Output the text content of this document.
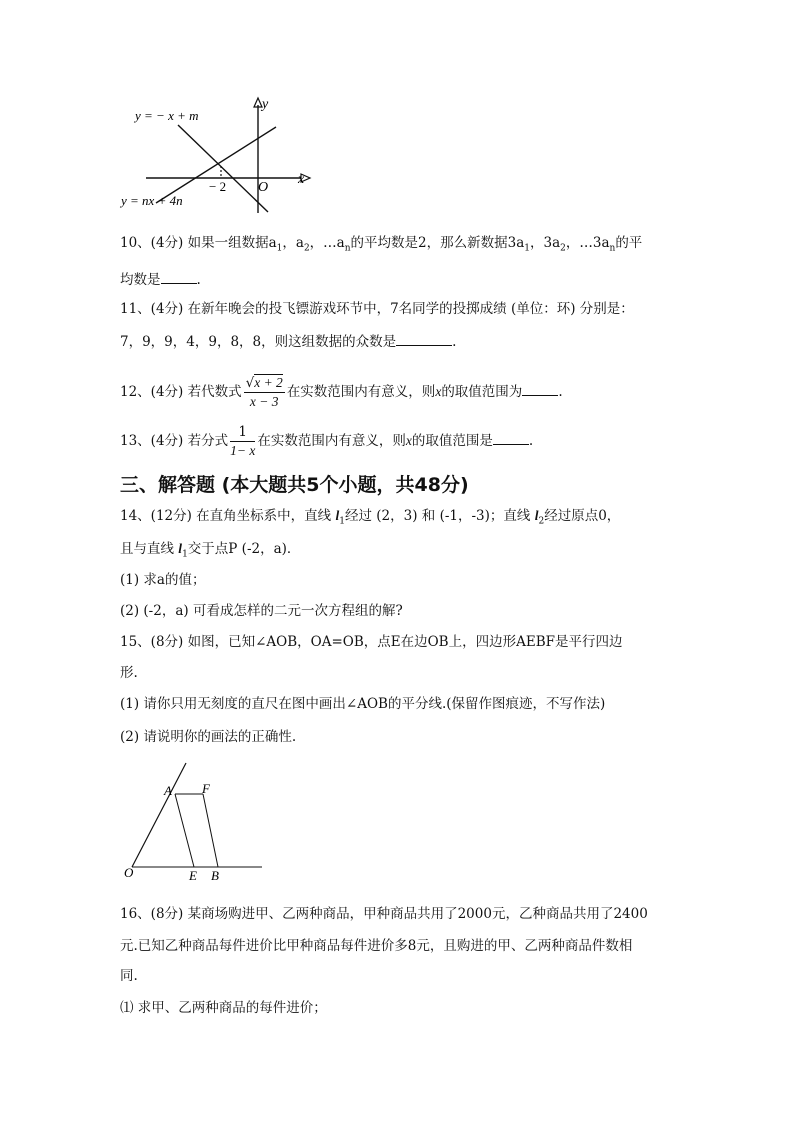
y = − x + m
y = nx + 4n
x
y
O
− 2
10、(4分) 如果一组数据$a_1$，$a_2$，$\dots a_n$的平均数是2，那么新数据$3a_1$，$3a_2$，$\dots 3a_n$的平
均数是	.
11、(4分) 在新年晚会的投飞镖游戏环节中，7名同学的投掷成绩 (单位：环) 分别是：
7，9，9，4，9，8，8，则这组数据的众数是	.
12、(4分) 若代数式 $\frac{√x + 2}{x - 3}$ 在实数范围内有意义，则x的取值范围为	.
13、(4分) 若分式 $\frac{1}{1- x}$ 在实数范围内有意义，则x的取值范围是	.
三、解答题 (本大题共5个小题，共48分)
14、(12分) 在直角坐标系中，直线 $l_1$经过 (2，3) 和 (-1，-3)；直线 $l_2$经过原点0，
且与直线 $l_1$交于点P (-2，a)．
(1) 求a的值；
(2) (-2，a) 可看成怎样的二元一次方程组的解?
15、(8分) 如图，已知∠AOB，OA=OB，点E在边OB上，四边形AEBF是平行四边
形.
(1) 请你只用无刻度的直尺在图中画出∠AOB的平分线.(保留作图痕迹，不写作法)
(2) 请说明你的画法的正确性.
A F
O	E B
16、(8分) 某商场购进甲、乙两种商品，甲种商品共用了2000元，乙种商品共用了2400
元.已知乙种商品每件进价比甲种商品每件进价多8元，且购进的甲、乙两种商品件数相
同.
⑴ 求甲、乙两种商品的每件进价；
